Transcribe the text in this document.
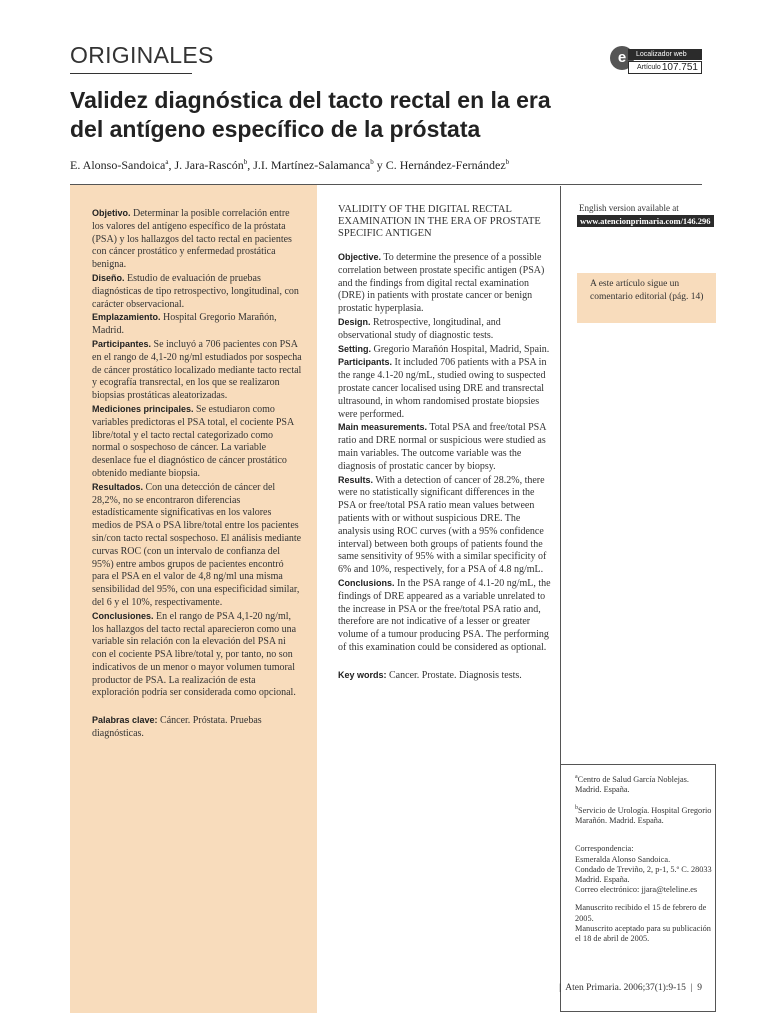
ORIGINALES	e	Localizador web
Artículo 107.751
Validez diagnóstica del tacto rectal en la era
del antígeno específico de la próstata
E. Alonso-Sandoica$^a$, J. Jara-Rascón$^b$, J.I. Martínez-Salamanca$^b$ y C. Hernández-Fernández$^b$
Objetivo. Determinar la posible correlación entre los valores del antígeno específico de la próstata (PSA) y los hallazgos del tacto rectal en pacientes con cáncer prostático y enfermedad prostática benigna.
Diseño. Estudio de evaluación de pruebas diagnósticas de tipo retrospectivo, longitudinal, con carácter observacional.
Emplazamiento. Hospital Gregorio Marañón, Madrid.
Participantes. Se incluyó a 706 pacientes con PSA en el rango de 4,1-20 ng/ml estudiados por sospecha de cáncer prostático localizado mediante tacto rectal y ecografía transrectal, en los que se realizaron biopsias prostáticas aleatorizadas.
Mediciones principales. Se estudiaron como variables predictoras el PSA total, el cociente PSA libre/total y el tacto rectal categorizado como normal o sospechoso de cáncer. La variable desenlace fue el diagnóstico de cáncer prostático obtenido mediante biopsia.
Resultados. Con una detección de cáncer del 28,2%, no se encontraron diferencias estadísticamente significativas en los valores medios de PSA o PSA libre/total entre los pacientes sin/con tacto rectal sospechoso. El análisis mediante curvas ROC (con un intervalo de confianza del 95%) entre ambos grupos de pacientes encontró para el PSA en el valor de 4,8 ng/ml una misma sensibilidad del 95%, con una especificidad similar, del 6 y el 10%, respectivamente.
Conclusiones. En el rango de PSA 4,1-20 ng/ml, los hallazgos del tacto rectal aparecieron como una variable sin relación con la elevación del PSA ni con el cociente PSA libre/total y, por tanto, no son indicativos de un menor o mayor volumen tumoral productor de PSA. La realización de esta exploración podría ser considerada como opcional.
Palabras clave: Cáncer. Próstata. Pruebas diagnósticas.
VALIDITY OF THE DIGITAL RECTAL EXAMINATION IN THE ERA OF PROSTATE SPECIFIC ANTIGEN
Objective. To determine the presence of a possible correlation between prostate specific antigen (PSA) and the findings from digital rectal examination (DRE) in patients with prostate cancer or benign prostatic hyperplasia.
Design. Retrospective, longitudinal, and observational study of diagnostic tests.
Setting. Gregorio Marañón Hospital, Madrid, Spain.
Participants. It included 706 patients with a PSA in the range 4.1-20 ng/mL, studied owing to suspected prostate cancer localised using DRE and transrectal ultrasound, in whom randomised prostate biopsies were performed.
Main measurements. Total PSA and free/total PSA ratio and DRE normal or suspicious were studied as main variables. The outcome variable was the diagnosis of prostatic cancer by biopsy.
Results. With a detection of cancer of 28.2%, there were no statistically significant differences in the PSA or free/total PSA ratio mean values between patients with or without suspicious DRE. The analysis using ROC curves (with a 95% confidence interval) between both groups of patients found the same sensitivity of 95% with a similar specificity of 6% and 10%, respectively, for a PSA of 4.8 ng/mL.
Conclusions. In the PSA range of 4.1-20 ng/mL, the findings of DRE appeared as a variable unrelated to the increase in PSA or the free/total PSA ratio and, therefore are not indicative of a lesser or greater volume of a tumour producing PSA. The performing of this examination could be considered as optional.
Key words: Cancer. Prostate. Diagnosis tests.
English version available at
www.atencionprimaria.com/146.296
A este artículo sigue un comentario editorial (pág. 14)
$^a$Centro de Salud García Noblejas. Madrid. España.
$^b$Servicio de Urología. Hospital Gregorio Marañón. Madrid. España.
Correspondencia:
Esmeralda Alonso Sandoica.
Condado de Treviño, 2, p-1, 5.º C. 28033 Madrid. España.
Correo electrónico: jjara@teleline.es
Manuscrito recibido el 15 de febrero de 2005.
Manuscrito aceptado para su publicación el 18 de abril de 2005.
| Aten Primaria. 2006;37(1):9-15 | 9
